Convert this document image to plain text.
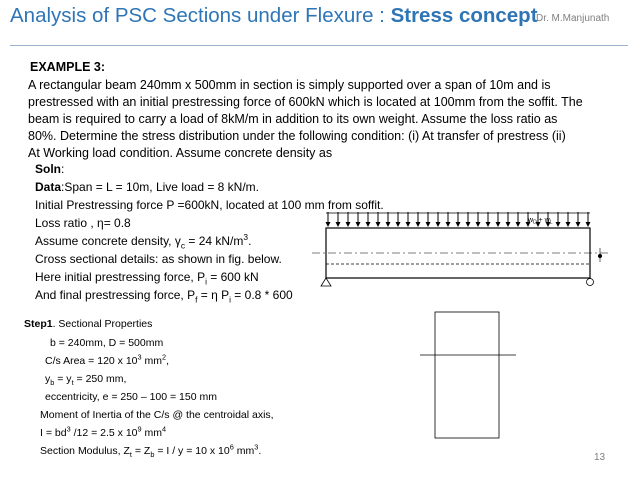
Analysis of PSC Sections under Flexure : Stress concept
Dr. M.Manjunath
EXAMPLE 3:
A rectangular beam 240mm x 500mm in section is simply supported over a span of 10m and is
prestressed with an initial prestressing force of 600kN which is located at 100mm from the soffit. The
beam is required to carry a load of 8kM/m in addition to its own weight. Assume the loss ratio as
80%. Determine the stress distribution under the following condition: (i) At transfer of prestress (ii)
At Working load condition. Assume concrete density as
Soln:
Data:Span = L = 10m, Live load = 8 kN/m.
Initial Prestressing force P =600kN, located at 100 mm from soffit.
Loss ratio , η= 0.8
Assume concrete density, $\gamma_c = 24$ $kN/m^3$.
Cross sectional details: as shown in fig. below.
Here initial prestressing force, $P_i = 600$ kN
And final prestressing force, $P_f = \eta$ $P_i = 0.8 * 600$
$w_D + w_L$
Step1. Sectional Properties
b = 240mm, D = 500mm
C/s Area = 120 x $10^3$ $mm^2$,
$y_b = y_t = 250$ mm,
eccentricity, e = 250 – 100 = 150 mm
Moment of Inertia of the C/s @ the centroidal axis,
$I = bd^3$ /12 = 2.5 x $10^9$ $mm^4$
Section Modulus, $Z_t = Z_b = I / y = 10$ x $10^6$ $mm^3$.
13
